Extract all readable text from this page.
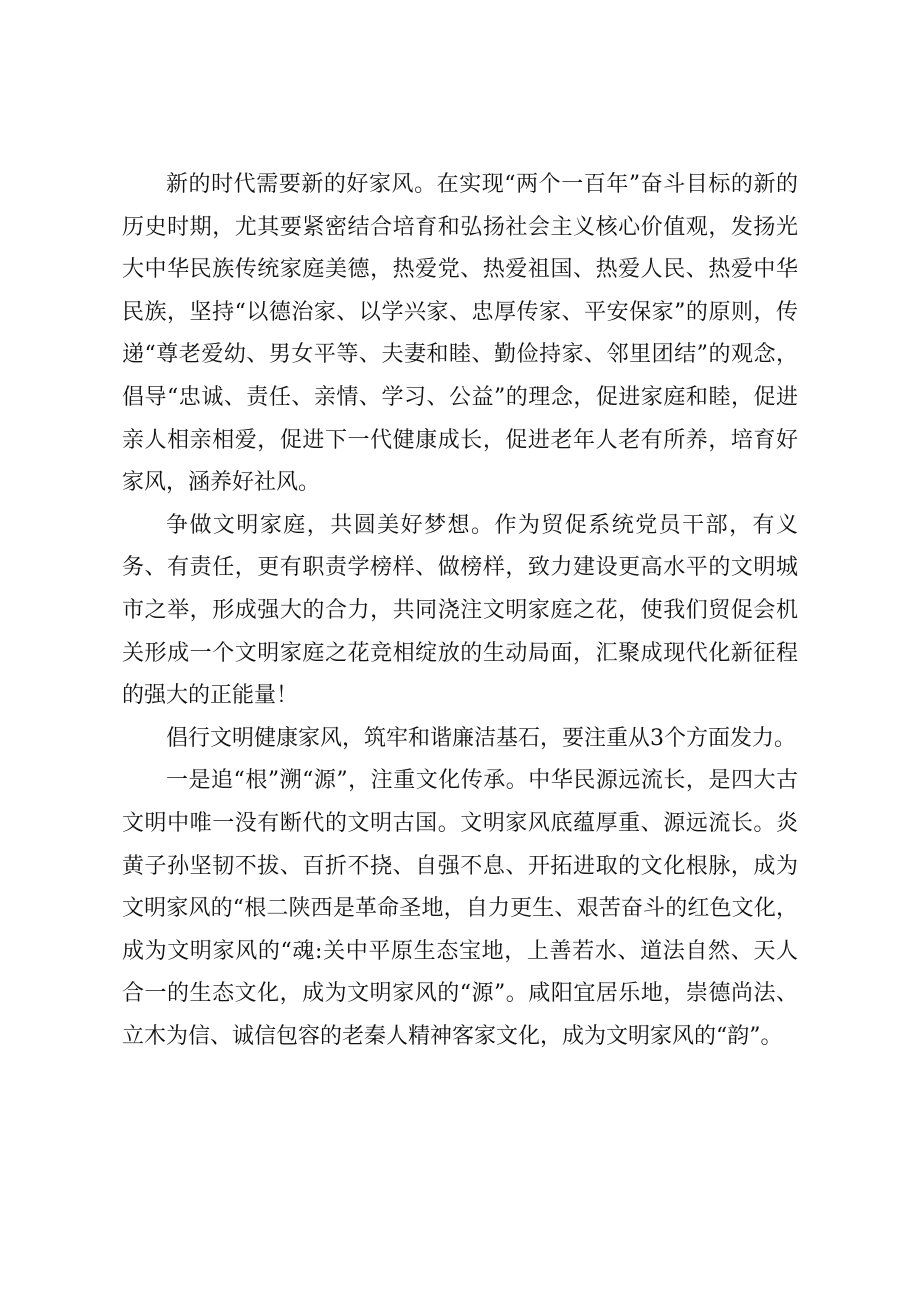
新的时代需要新的好家风。在实现“两个一百年”奋斗目标的新的历史时期，尤其要紧密结合培育和弘扬社会主义核心价值观，发扬光大中华民族传统家庭美德，热爱党、热爱祖国、热爱人民、热爱中华民族，坚持“以德治家、以学兴家、忠厚传家、平安保家”的原则，传递“尊老爱幼、男女平等、夫妻和睦、勤俭持家、邻里团结”的观念，倡导“忠诚、责任、亲情、学习、公益”的理念，促进家庭和睦，促进亲人相亲相爱，促进下一代健康成长，促进老年人老有所养，培育好家风，涵养好社风。

争做文明家庭，共圆美好梦想。作为贸促系统党员干部，有义务、有责任，更有职责学榜样、做榜样，致力建设更高水平的文明城市之举，形成强大的合力，共同浇注文明家庭之花，使我们贸促会机关形成一个文明家庭之花竞相绽放的生动局面，汇聚成现代化新征程的强大的正能量！

倡行文明健康家风，筑牢和谐廉洁基石，要注重从3个方面发力。

一是追“根”溯“源”，注重文化传承。中华民源远流长，是四大古文明中唯一没有断代的文明古国。文明家风底蕴厚重、源远流长。炎黄子孙坚韧不拔、百折不挠、自强不息、开拓进取的文化根脉，成为文明家风的“根二陕西是革命圣地，自力更生、艰苦奋斗的红色文化，成为文明家风的“魂:关中平原生态宝地，上善若水、道法自然、天人合一的生态文化，成为文明家风的“源”。咸阳宜居乐地，崇德尚法、立木为信、诚信包容的老秦人精神客家文化，成为文明家风的“韵”。
